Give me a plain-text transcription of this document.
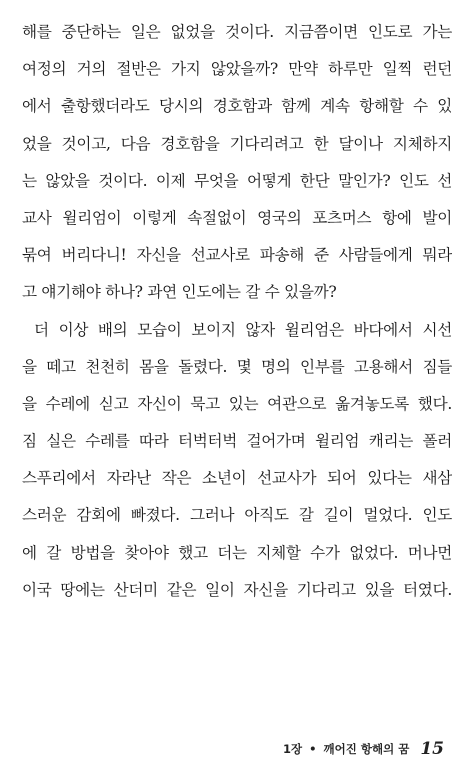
해를 중단하는 일은 없었을 것이다. 지금쯤이면 인도로 가는
여정의 거의 절반은 가지 않았을까? 만약 하루만 일찍 런던
에서 출항했더라도 당시의 경호함과 함께 계속 항해할 수 있
었을 것이고, 다음 경호함을 기다리려고 한 달이나 지체하지
는 않았을 것이다. 이제 무엇을 어떻게 한단 말인가? 인도 선
교사 윌리엄이 이렇게 속절없이 영국의 포츠머스 항에 발이
묶여 버리다니! 자신을 선교사로 파송해 준 사람들에게 뭐라
고 얘기해야 하나? 과연 인도에는 갈 수 있을까?
더 이상 배의 모습이 보이지 않자 윌리엄은 바다에서 시선
을 떼고 천천히 몸을 돌렸다. 몇 명의 인부를 고용해서 짐들
을 수레에 싣고 자신이 묵고 있는 여관으로 옮겨놓도록 했다.
짐 실은 수레를 따라 터벅터벅 걸어가며 윌리엄 캐리는 폴러
스푸리에서 자라난 작은 소년이 선교사가 되어 있다는 새삼
스러운 감회에 빠졌다. 그러나 아직도 갈 길이 멀었다. 인도
에 갈 방법을 찾아야 했고 더는 지체할 수가 없었다. 머나먼
이국 땅에는 산더미 같은 일이 자신을 기다리고 있을 터였다.
1장 • 깨어진 항해의 꿈 15
